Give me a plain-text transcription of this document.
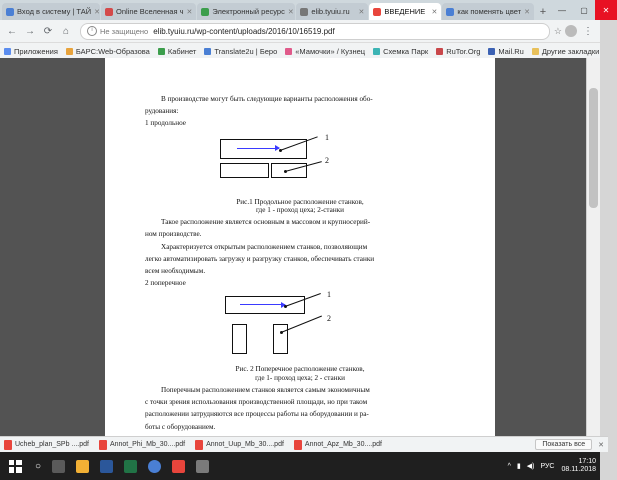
Вход в систему | ТАЙ ✕ Online Вселенная ч ✕	Электронный ресурс ✕ elib.tyuiu.ru	✕	ВВЕДЕНИЕ ✕	как поменять цвет ✕ +	—	▢	✕
← → ⟳	⌂	i Не защищено elib.tyuiu.ru/wp-content/uploads/2016/10/16519.pdf	☆	⋮
Приложения БАРС:Web-Образова Кабинет Translate2u | Беро «Мамочки» / Кузнец Схемка Парк RuTor.Org Mail.Ru Другие закладки

В производстве могут быть следующие варианты расположения обо-

рудования:

1 продольное

1
2

Рис.1 Продольное расположение станков,

где 1 - проход цеха; 2-станки

Такое расположение является основным в массовом и крупносерий-

ном производстве.

Характеризуется открытым расположением станков, позволяющим

легко автоматизировать загрузку и разгрузку станков, обеспечивать станки

всем необходимым.

2 поперечное

1
2

Рис. 2 Поперечное расположение станков,

где 1- проход цеха; 2 - станки

Поперечным расположением станков является самым экономичным

с точки зрения использования производственной площади, но при таком

расположении затрудняются все процессы работы на оборудовании и ра-

боты с оборудованием.

Ucheb_plan_SPb ....pdf	Annot_Phi_Mb_30....pdf	Annot_Uup_Mb_30....pdf	Annot_Apz_Mb_30....pdf	Показать все	✕
○	^ ▮ ◀) РУС
17:10
08.11.2018
